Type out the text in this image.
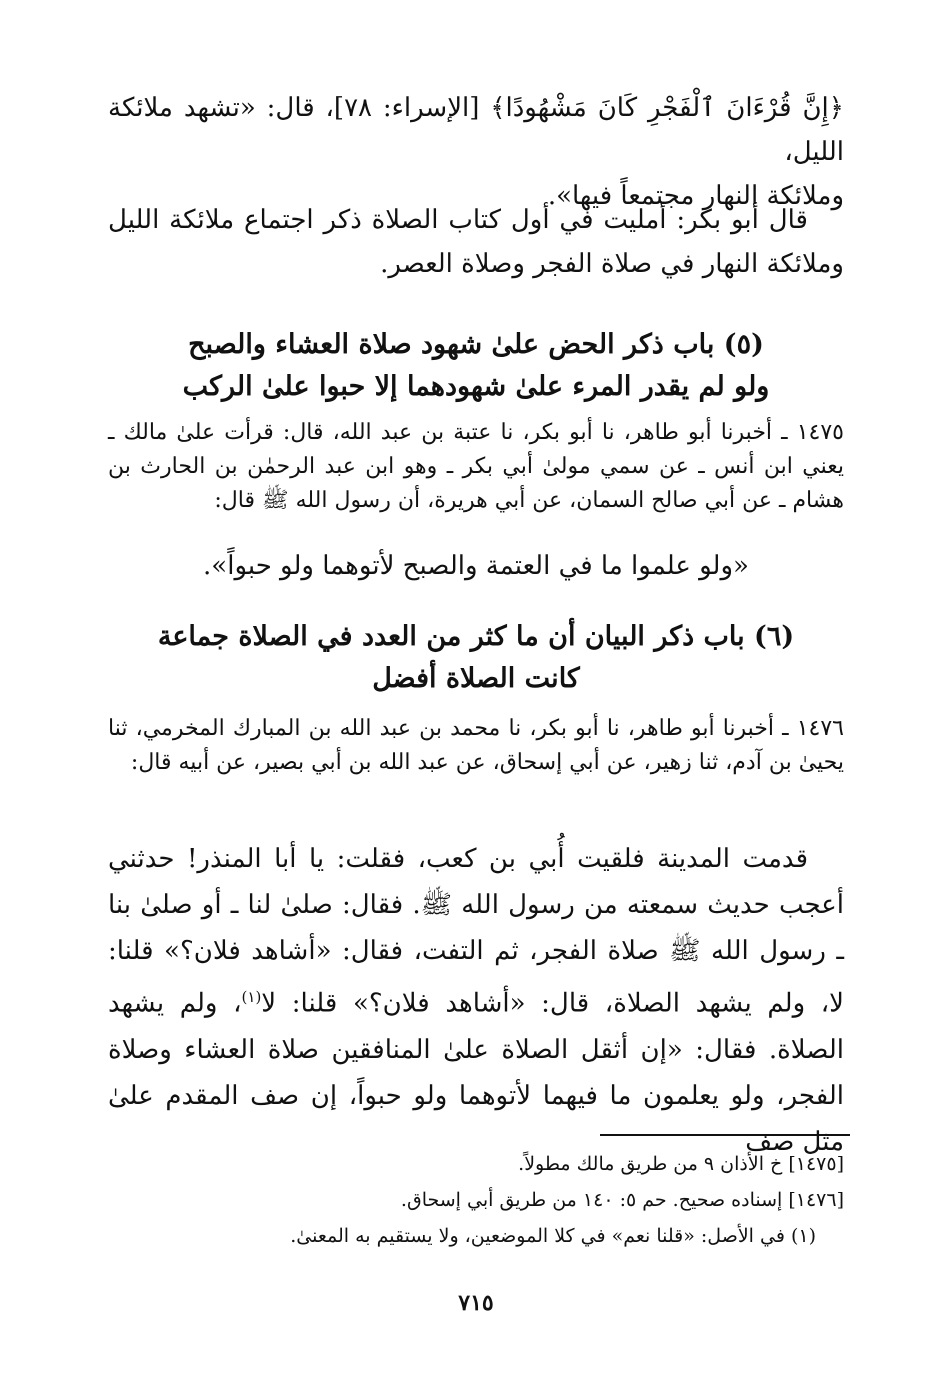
﴿إِنَّ قُرْءَانَ ٱلْفَجْرِ كَانَ مَشْهُودًا﴾ [الإسراء: ٧٨]، قال: «تشهد ملائكة الليل،
وملائكة النهار مجتمعاً فيها».
قال أبو بكر: أمليت في أول كتاب الصلاة ذكر اجتماع ملائكة الليل وملائكة النهار في صلاة الفجر وصلاة العصر.
(٥) باب ذكر الحض علىٰ شهود صلاة العشاء والصبح
ولو لم يقدر المرء علىٰ شهودهما إلا حبوا علىٰ الركب
١٤٧٥ ـ أخبرنا أبو طاهر، نا أبو بكر، نا عتبة بن عبد الله، قال: قرأت علىٰ مالك ـ يعني ابن أنس ـ عن سمي مولىٰ أبي بكر ـ وهو ابن عبد الرحمٰن بن الحارث بن هشام ـ عن أبي صالح السمان، عن أبي هريرة، أن رسول الله ﷺ قال:
«ولو علموا ما في العتمة والصبح لأتوهما ولو حبواً».
(٦) باب ذكر البيان أن ما كثر من العدد في الصلاة جماعة
كانت الصلاة أفضل
١٤٧٦ ـ أخبرنا أبو طاهر، نا أبو بكر، نا محمد بن عبد الله بن المبارك المخرمي، ثنا يحيىٰ بن آدم، ثنا زهير، عن أبي إسحاق، عن عبد الله بن أبي بصير، عن أبيه قال:
قدمت المدينة فلقيت أُبي بن كعب، فقلت: يا أبا المنذر! حدثني أعجب حديث سمعته من رسول الله ﷺ. فقال: صلىٰ لنا ـ أو صلىٰ بنا ـ رسول الله ﷺ صلاة الفجر، ثم التفت، فقال: «أشاهد فلان؟» قلنا: لا، ولم يشهد الصلاة، قال: «أشاهد فلان؟» قلنا: لا$^{(١)}$، ولم يشهد الصلاة. فقال: «إن أثقل الصلاة علىٰ المنافقين صلاة العشاء وصلاة الفجر، ولو يعلمون ما فيهما لأتوهما ولو حبواً، إن صف المقدم علىٰ مثل صف
[١٤٧٥] خ الأذان ٩ من طريق مالك مطولاً.
[١٤٧٦] إسناده صحيح. حم ٥: ١٤٠ من طريق أبي إسحاق.
(١) في الأصل: «قلنا نعم» في كلا الموضعين، ولا يستقيم به المعنىٰ.
٧١٥
